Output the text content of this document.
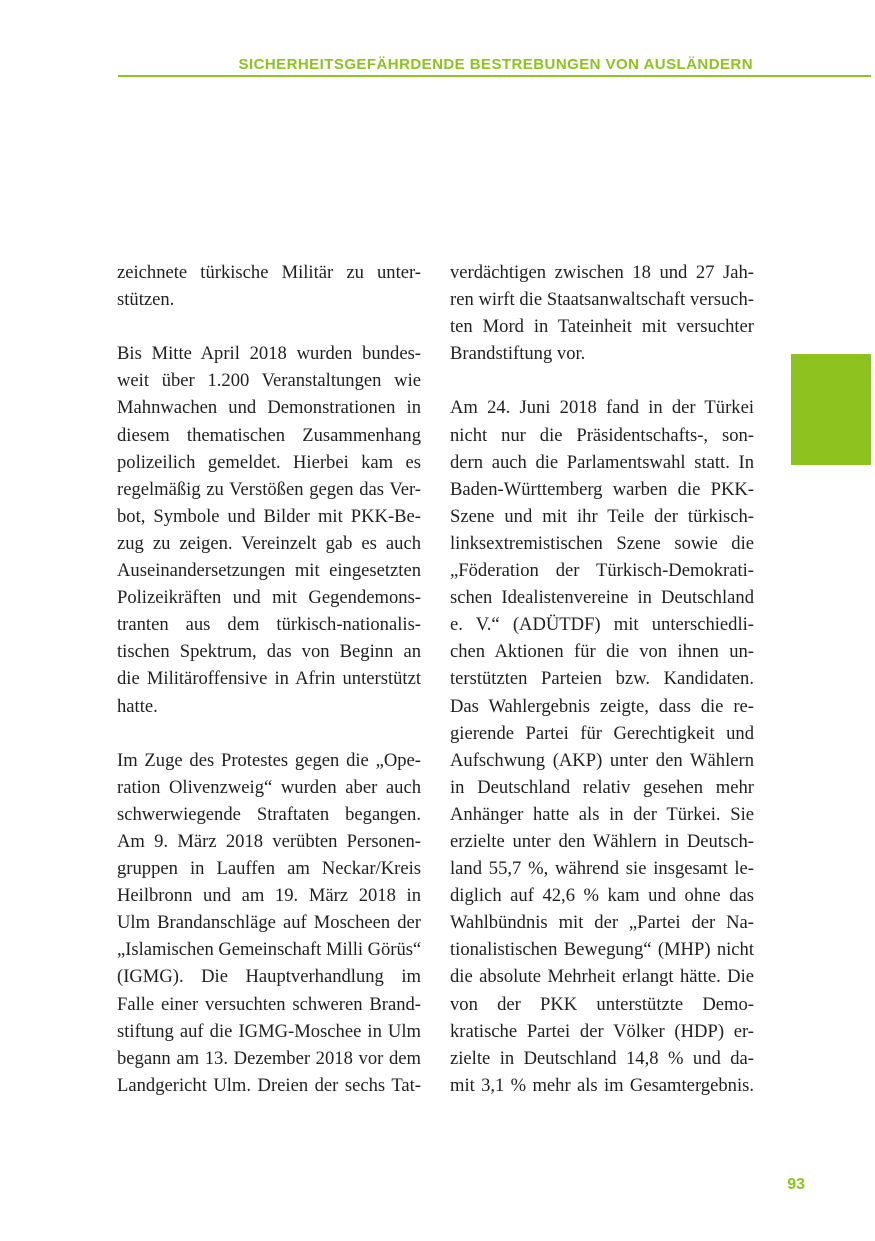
SICHERHEITSGEFÄHRDENDE BESTREBUNGEN VON AUSLÄNDERN
zeichnete türkische Militär zu unter-
stützen.
Bis Mitte April 2018 wurden bundes-
weit über 1.200 Veranstaltungen wie
Mahnwachen und Demonstrationen in
diesem thematischen Zusammenhang
polizeilich gemeldet. Hierbei kam es
regelmäßig zu Verstößen gegen das Ver-
bot, Symbole und Bilder mit PKK-Be-
zug zu zeigen. Vereinzelt gab es auch
Auseinandersetzungen mit eingesetzten
Polizeikräften und mit Gegendemons-
tranten aus dem türkisch-nationalis-
tischen Spektrum, das von Beginn an
die Militäroffensive in Afrin unterstützt
hatte.
Im Zuge des Protestes gegen die „Ope-
ration Olivenzweig“ wurden aber auch
schwerwiegende Straftaten begangen.
Am 9. März 2018 verübten Personen-
gruppen in Lauffen am Neckar/Kreis
Heilbronn und am 19. März 2018 in
Ulm Brandanschläge auf Moscheen der
„Islamischen Gemeinschaft Milli Görüs“
(IGMG). Die Hauptverhandlung im
Falle einer versuchten schweren Brand-
stiftung auf die IGMG-Moschee in Ulm
begann am 13. Dezember 2018 vor dem
Landgericht Ulm. Dreien der sechs Tat-
verdächtigen zwischen 18 und 27 Jah-
ren wirft die Staatsanwaltschaft versuch-
ten Mord in Tateinheit mit versuchter
Brandstiftung vor.
Am 24. Juni 2018 fand in der Türkei
nicht nur die Präsidentschafts-, son-
dern auch die Parlamentswahl statt. In
Baden-Württemberg warben die PKK-
Szene und mit ihr Teile der türkisch-
linksextremistischen Szene sowie die
„Föderation der Türkisch-Demokrati-
schen Idealistenvereine in Deutschland
e. V.“ (ADÜTDF) mit unterschiedli-
chen Aktionen für die von ihnen un-
terstützten Parteien bzw. Kandidaten.
Das Wahlergebnis zeigte, dass die re-
gierende Partei für Gerechtigkeit und
Aufschwung (AKP) unter den Wählern
in Deutschland relativ gesehen mehr
Anhänger hatte als in der Türkei. Sie
erzielte unter den Wählern in Deutsch-
land 55,7 %, während sie insgesamt le-
diglich auf 42,6 % kam und ohne das
Wahlbündnis mit der „Partei der Na-
tionalistischen Bewegung“ (MHP) nicht
die absolute Mehrheit erlangt hätte. Die
von der PKK unterstützte Demo-
kratische Partei der Völker (HDP) er-
zielte in Deutschland 14,8 % und da-
mit 3,1 % mehr als im Gesamtergebnis.
93
